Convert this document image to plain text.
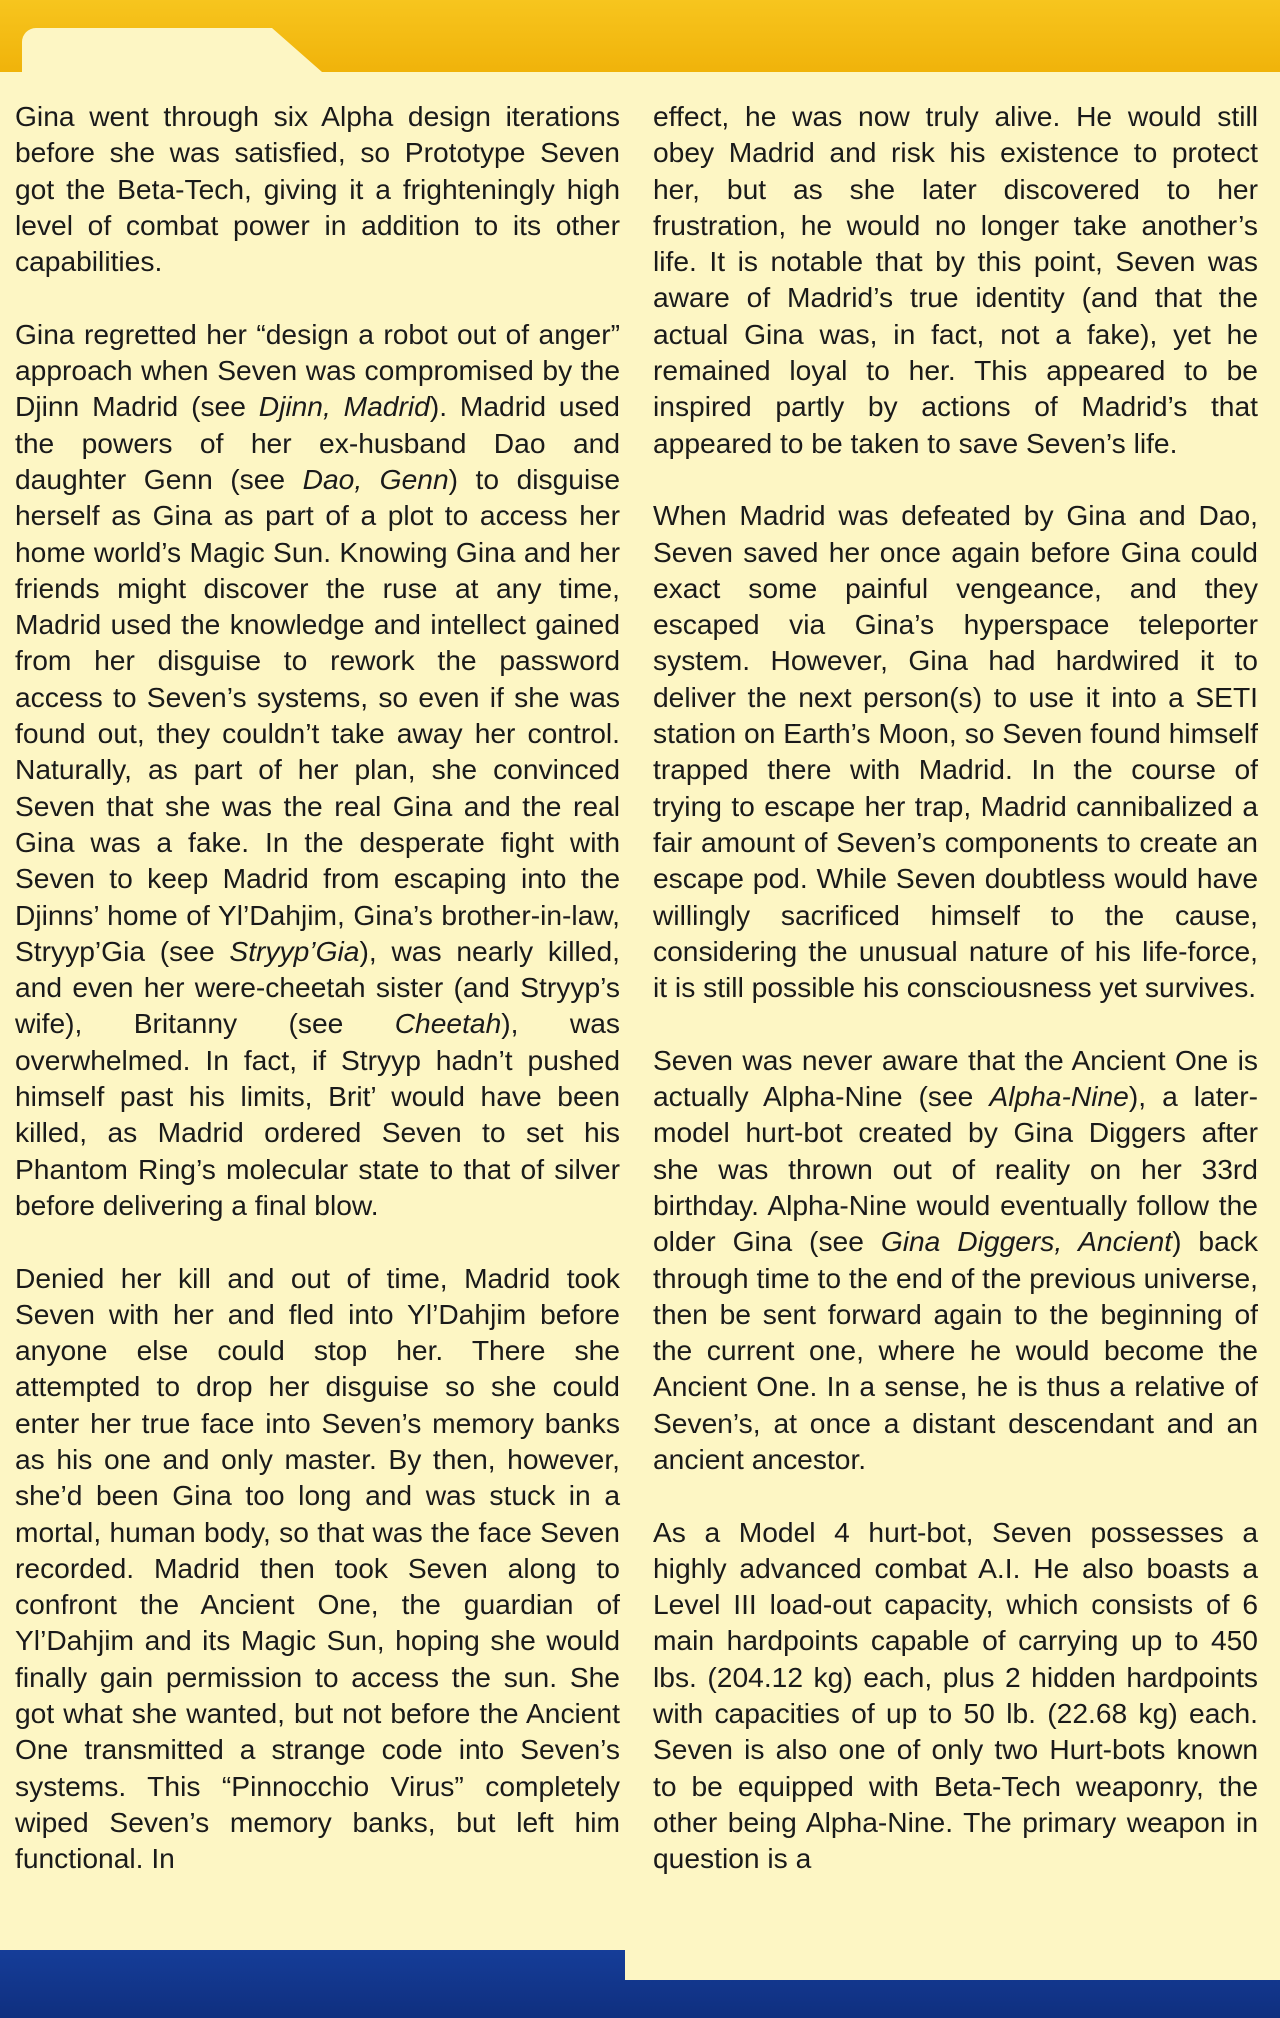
Gina went through six Alpha design iterations before she was satisfied, so Prototype Seven got the Beta-Tech, giving it a frighteningly high level of combat power in addition to its other capabilities.

Gina regretted her “design a robot out of anger” approach when Seven was compromised by the Djinn Madrid (see Djinn, Madrid). Madrid used the powers of her ex-husband Dao and daughter Genn (see Dao, Genn) to disguise herself as Gina as part of a plot to access her home world’s Magic Sun. Knowing Gina and her friends might discover the ruse at any time, Madrid used the knowledge and intellect gained from her disguise to rework the password access to Seven’s systems, so even if she was found out, they couldn’t take away her control. Naturally, as part of her plan, she convinced Seven that she was the real Gina and the real Gina was a fake. In the desperate fight with Seven to keep Madrid from escaping into the Djinns’ home of Yl’Dahjim, Gina’s brother-in-law, Stryyp’Gia (see Stryyp’Gia), was nearly killed, and even her were-cheetah sister (and Stryyp’s wife), Britanny (see Cheetah), was overwhelmed. In fact, if Stryyp hadn’t pushed himself past his limits, Brit’ would have been killed, as Madrid ordered Seven to set his Phantom Ring’s molecular state to that of silver before delivering a final blow.

Denied her kill and out of time, Madrid took Seven with her and fled into Yl’Dahjim before anyone else could stop her. There she attempted to drop her disguise so she could enter her true face into Seven’s memory banks as his one and only master. By then, however, she’d been Gina too long and was stuck in a mortal, human body, so that was the face Seven recorded. Madrid then took Seven along to confront the Ancient One, the guardian of Yl’Dahjim and its Magic Sun, hoping she would finally gain permission to access the sun. She got what she wanted, but not before the Ancient One transmitted a strange code into Seven’s systems. This “Pinnocchio Virus” completely wiped Seven’s memory banks, but left him functional. In

effect, he was now truly alive. He would still obey Madrid and risk his existence to protect her, but as she later discovered to her frustration, he would no longer take another’s life. It is notable that by this point, Seven was aware of Madrid’s true identity (and that the actual Gina was, in fact, not a fake), yet he remained loyal to her. This appeared to be inspired partly by actions of Madrid’s that appeared to be taken to save Seven’s life.

When Madrid was defeated by Gina and Dao, Seven saved her once again before Gina could exact some painful vengeance, and they escaped via Gina’s hyperspace teleporter system. However, Gina had hardwired it to deliver the next person(s) to use it into a SETI station on Earth’s Moon, so Seven found himself trapped there with Madrid. In the course of trying to escape her trap, Madrid cannibalized a fair amount of Seven’s components to create an escape pod. While Seven doubtless would have willingly sacrificed himself to the cause, considering the unusual nature of his life-force, it is still possible his consciousness yet survives.

Seven was never aware that the Ancient One is actually Alpha-Nine (see Alpha-Nine), a later-model hurt-bot created by Gina Diggers after she was thrown out of reality on her 33rd birthday. Alpha-Nine would eventually follow the older Gina (see Gina Diggers, Ancient) back through time to the end of the previous universe, then be sent forward again to the beginning of the current one, where he would become the Ancient One. In a sense, he is thus a relative of Seven’s, at once a distant descendant and an ancient ancestor.

As a Model 4 hurt-bot, Seven possesses a highly advanced combat A.I. He also boasts a Level III load-out capacity, which consists of 6 main hardpoints capable of carrying up to 450 lbs. (204.12 kg) each, plus 2 hidden hardpoints with capacities of up to 50 lb. (22.68 kg) each. Seven is also one of only two Hurt-bots known to be equipped with Beta-Tech weaponry, the other being Alpha-Nine. The primary weapon in question is a
